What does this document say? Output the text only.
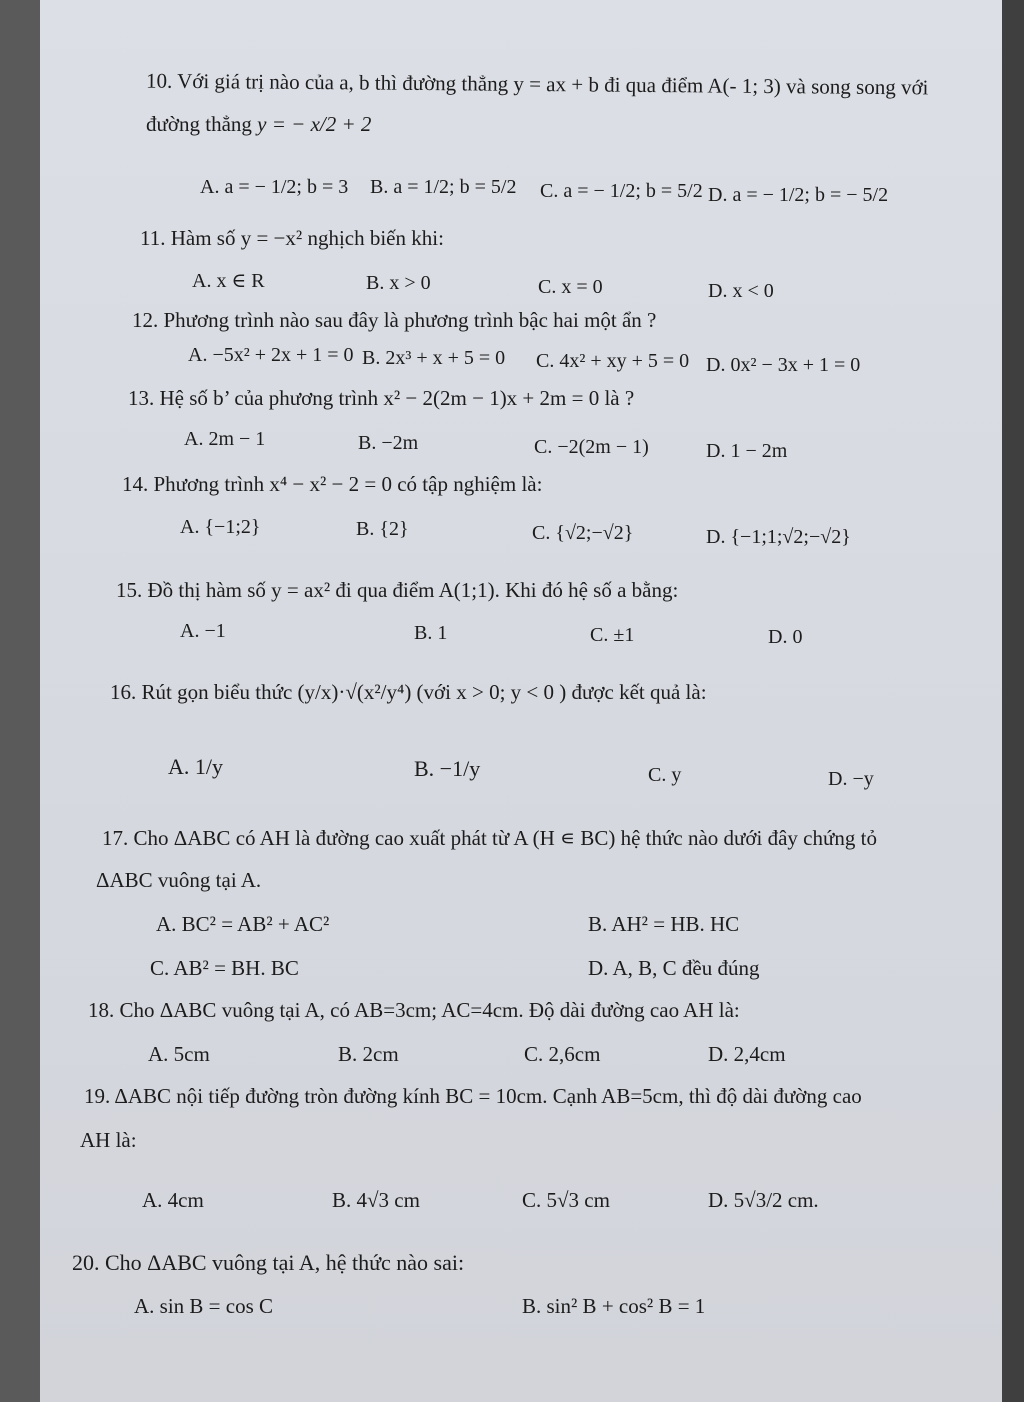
10. Với giá trị nào của a, b thì đường thẳng y = ax + b đi qua điểm A(- 1; 3) và song song với
đường thẳng y = − x/2 + 2
A. a = − 1/2; b = 3 B. a = 1/2; b = 5/2 C. a = − 1/2; b = 5/2 D. a = − 1/2; b = − 5/2
11. Hàm số y = −x² nghịch biến khi:
A. x ∈ R	B. x > 0	C. x = 0	D. x < 0
12. Phương trình nào sau đây là phương trình bậc hai một ẩn ?
A. −5x² + 2x + 1 = 0 B. 2x³ + x + 5 = 0 C. 4x² + xy + 5 = 0 D. 0x² − 3x + 1 = 0
13. Hệ số b’ của phương trình x² − 2(2m − 1)x + 2m = 0 là ?
A. 2m − 1	B. −2m	C. −2(2m − 1)	D. 1 − 2m
14. Phương trình x⁴ − x² − 2 = 0 có tập nghiệm là:
A. {−1;2}	B. {2}	C. {√2;−√2}	D. {−1;1;√2;−√2}
15. Đồ thị hàm số y = ax² đi qua điểm A(1;1). Khi đó hệ số a bằng:
A. −1	B. 1	C. ±1	D. 0
16. Rút gọn biểu thức (y/x)·√(x²/y⁴) (với x > 0; y < 0 ) được kết quả là:
A. 1/y	B. −1/y	C. y	D. −y
17. Cho ΔABC có AH là đường cao xuất phát từ A (H ∊ BC) hệ thức nào dưới đây chứng tỏ
ΔABC vuông tại A.
A. BC² = AB² + AC²	B. AH² = HB. HC
C. AB² = BH. BC	D. A, B, C đều đúng
18. Cho ΔABC vuông tại A, có AB=3cm; AC=4cm. Độ dài đường cao AH là:
A. 5cm	B. 2cm	C. 2,6cm	D. 2,4cm
19. ΔABC nội tiếp đường tròn đường kính BC = 10cm. Cạnh AB=5cm, thì độ dài đường cao
AH là:
A. 4cm	B. 4√3 cm	C. 5√3 cm	D. 5√3/2 cm.
20. Cho ΔABC vuông tại A, hệ thức nào sai:
A. sin B = cos C	B. sin² B + cos² B = 1
